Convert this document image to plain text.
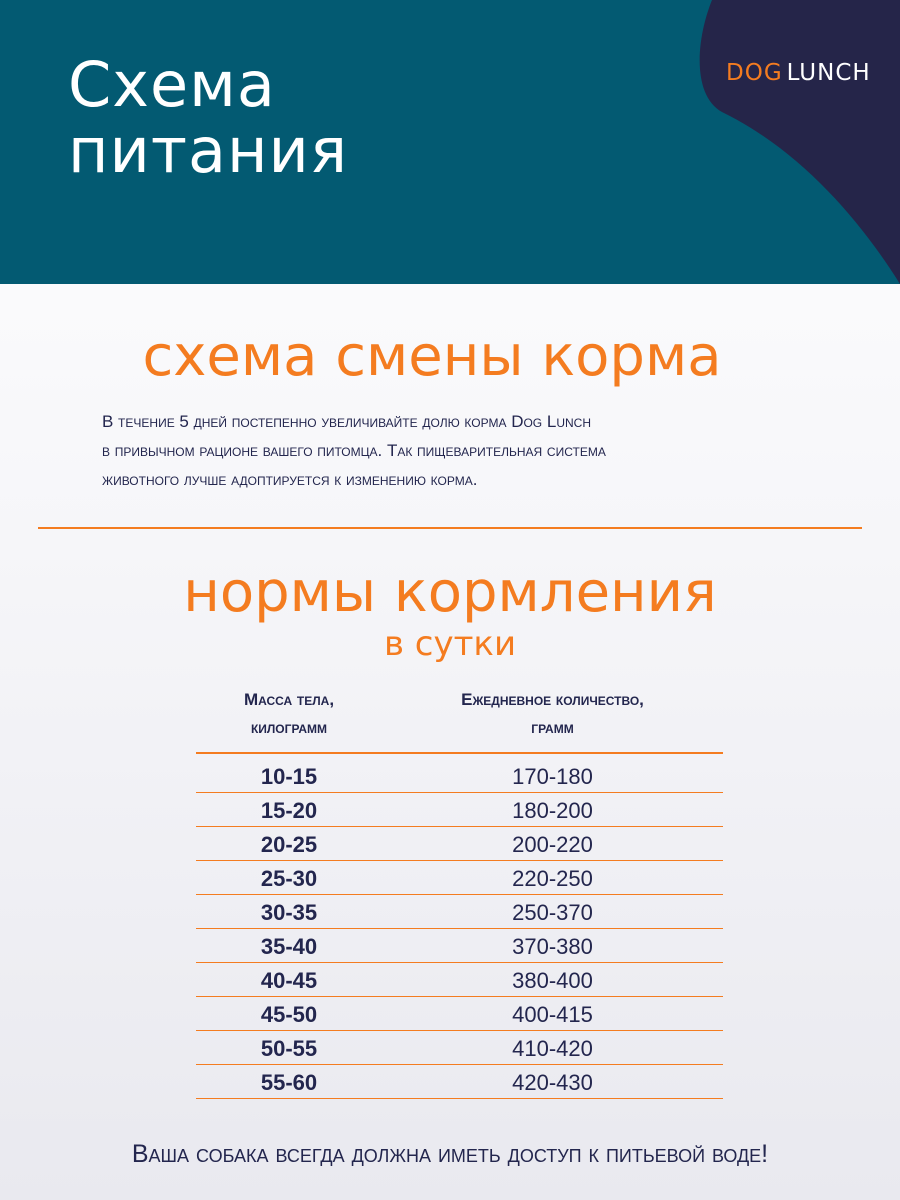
Схема
питания
DOG LUNCH
схема смены корма
В течение 5 дней постепенно увеличивайте долю корма Dog Lunch
в привычном рационе вашего питомца. Так пищеварительная система
животного лучше адоптируется к изменению корма.
нормы кормления
в сутки
Масса тела,
килограмм
Ежедневное количество,
грамм
10-15	170-180
15-20	180-200
20-25	200-220
25-30	220-250
30-35	250-370
35-40	370-380
40-45	380-400
45-50	400-415
50-55	410-420
55-60	420-430

Ваша собака всегда должна иметь доступ к питьевой воде!
